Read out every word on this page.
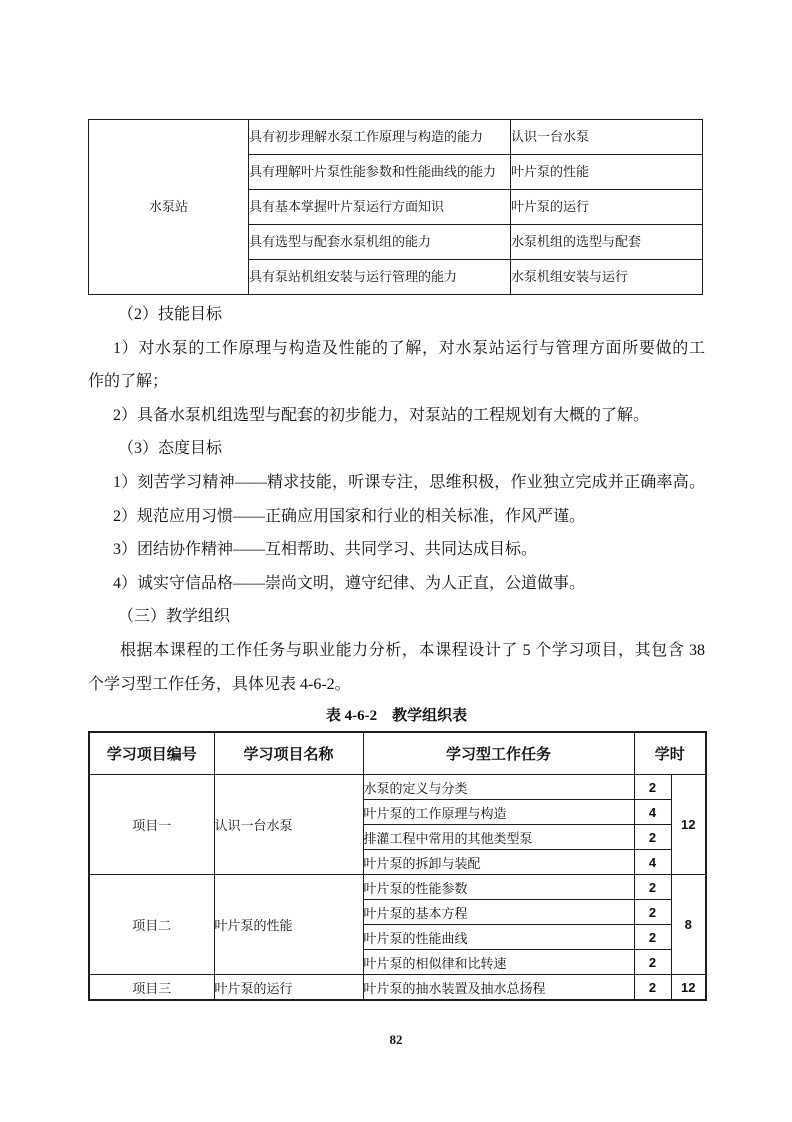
水泵站	具有初步理解水泵工作原理与构造的能力	认识一台水泵
	具有理解叶片泵性能参数和性能曲线的能力	叶片泵的性能
	具有基本掌握叶片泵运行方面知识	叶片泵的运行
	具有选型与配套水泵机组的能力	水泵机组的选型与配套
	具有泵站机组安装与运行管理的能力	水泵机组安装与运行
（2）技能目标
1）对水泵的工作原理与构造及性能的了解，对水泵站运行与管理方面所要做的工
作的了解；
2）具备水泵机组选型与配套的初步能力，对泵站的工程规划有大概的了解。
（3）态度目标
1）刻苦学习精神——精求技能，听课专注，思维积极，作业独立完成并正确率高。
2）规范应用习惯——正确应用国家和行业的相关标准，作风严谨。
3）团结协作精神——互相帮助、共同学习、共同达成目标。
4）诚实守信品格——崇尚文明，遵守纪律、为人正直，公道做事。
（三）教学组织
根据本课程的工作任务与职业能力分析，本课程设计了 5 个学习项目，其包含 38
个学习型工作任务，具体见表 4-6-2。
表 4-6-2　教学组织表
学习项目编号	学习项目名称	学习型工作任务	学时	
项目一	认识一台水泵	水泵的定义与分类	2	12
		叶片泵的工作原理与构造	4	
		排灌工程中常用的其他类型泵	2	
		叶片泵的拆卸与装配	4	
项目二	叶片泵的性能	叶片泵的性能参数	2	8
		叶片泵的基本方程	2	
		叶片泵的性能曲线	2	
		叶片泵的相似律和比转速	2	
项目三	叶片泵的运行	叶片泵的抽水装置及抽水总扬程	2	12
82
